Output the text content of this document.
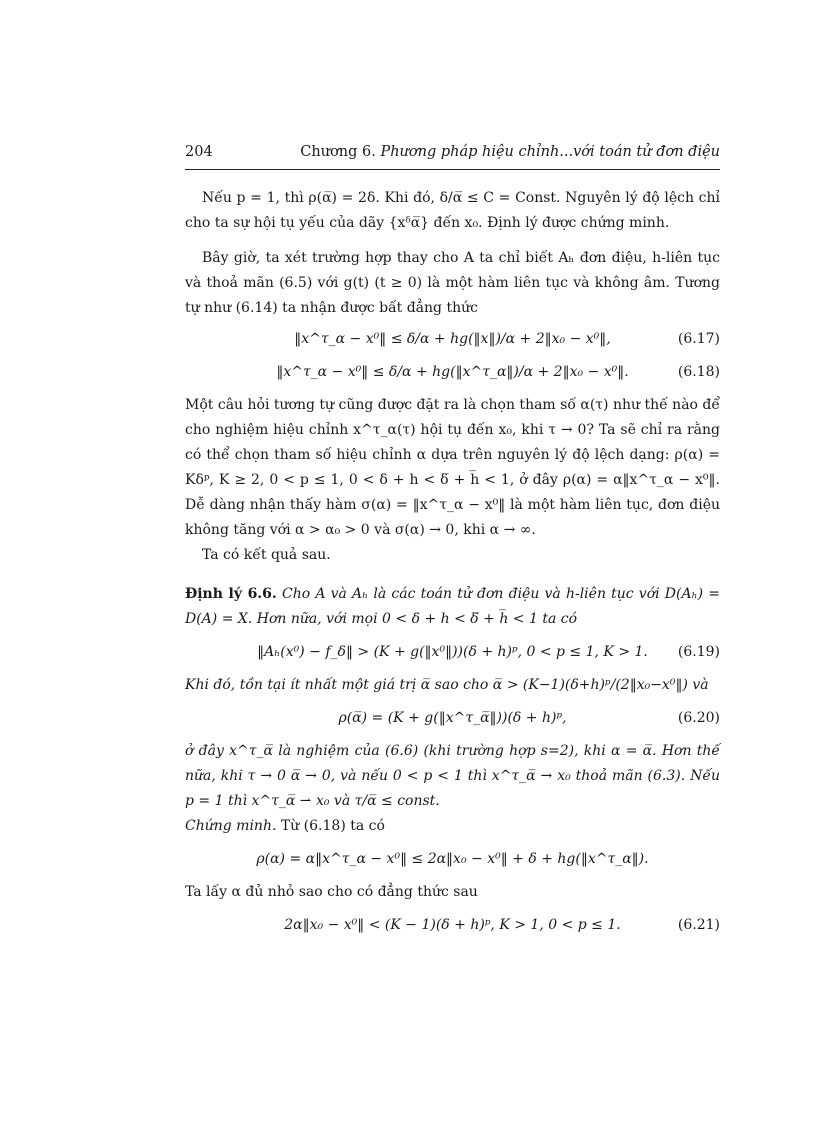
204	Chương 6. Phương pháp hiệu chỉnh...với toán tử đơn điệu

Nếu p = 1, thì ρ(α̅) = 2δ. Khi đó, δ/α̅ ≤ C = Const. Nguyên lý độ lệch chỉ cho ta sự hội tụ yếu của dãy {xᵟα̅} đến x₀. Định lý được chứng minh.

Bây giờ, ta xét trường hợp thay cho A ta chỉ biết Aₕ đơn điệu, h-liên tục và thoả mãn (6.5) với g(t) (t ≥ 0) là một hàm liên tục và không âm. Tương tự như (6.14) ta nhận được bất đẳng thức

‖x^τ_α − x⁰‖ ≤ δ/α + hg(‖x‖)/α + 2‖x₀ − x⁰‖,	(6.17)
‖x^τ_α − x⁰‖ ≤ δ/α + hg(‖x^τ_α‖)/α + 2‖x₀ − x⁰‖.	(6.18)

Một câu hỏi tương tự cũng được đặt ra là chọn tham số α(τ) như thế nào để cho nghiệm hiệu chỉnh x^τ_α(τ) hội tụ đến x₀, khi τ → 0? Ta sẽ chỉ ra rằng có thể chọn tham số hiệu chỉnh α dựa trên nguyên lý độ lệch dạng: ρ(α) = Kδᵖ, K ≥ 2, 0 < p ≤ 1, 0 < δ + h < δ̅ + h̅ < 1, ở đây ρ(α) = α‖x^τ_α − x⁰‖. Dễ dàng nhận thấy hàm σ(α) = ‖x^τ_α − x⁰‖ là một hàm liên tục, đơn điệu không tăng với α > α₀ > 0 và σ(α) → 0, khi α → ∞.

Ta có kết quả sau.

Định lý 6.6. Cho A và Aₕ là các toán tử đơn điệu và h-liên tục với D(Aₕ) = D(A) = X. Hơn nữa, với mọi 0 < δ + h < δ̅ + h̅ < 1 ta có

‖Aₕ(x⁰) − f_δ‖ > (K + g(‖x⁰‖))(δ + h)ᵖ, 0 < p ≤ 1, K > 1. (6.19)

Khi đó, tồn tại ít nhất một giá trị α̅ sao cho α̅ > (K−1)(δ+h)ᵖ/(2‖x₀−x⁰‖) và

ρ(α̅) = (K + g(‖x^τ_α̅‖))(δ + h)ᵖ,	(6.20)

ở đây x^τ_α̅ là nghiệm của (6.6) (khi trường hợp s=2), khi α = α̅. Hơn thế nữa, khi τ → 0 α̅ → 0, và nếu 0 < p < 1 thì x^τ_α̅ → x₀ thoả mãn (6.3). Nếu p = 1 thì x^τ_α̅ ⇀ x₀ và τ/α̅ ≤ const.

Chứng minh. Từ (6.18) ta có

ρ(α) = α‖x^τ_α − x⁰‖ ≤ 2α‖x₀ − x⁰‖ + δ + hg(‖x^τ_α‖).

Ta lấy α đủ nhỏ sao cho có đẳng thức sau

2α‖x₀ − x⁰‖ < (K − 1)(δ + h)ᵖ, K > 1, 0 < p ≤ 1.	(6.21)
